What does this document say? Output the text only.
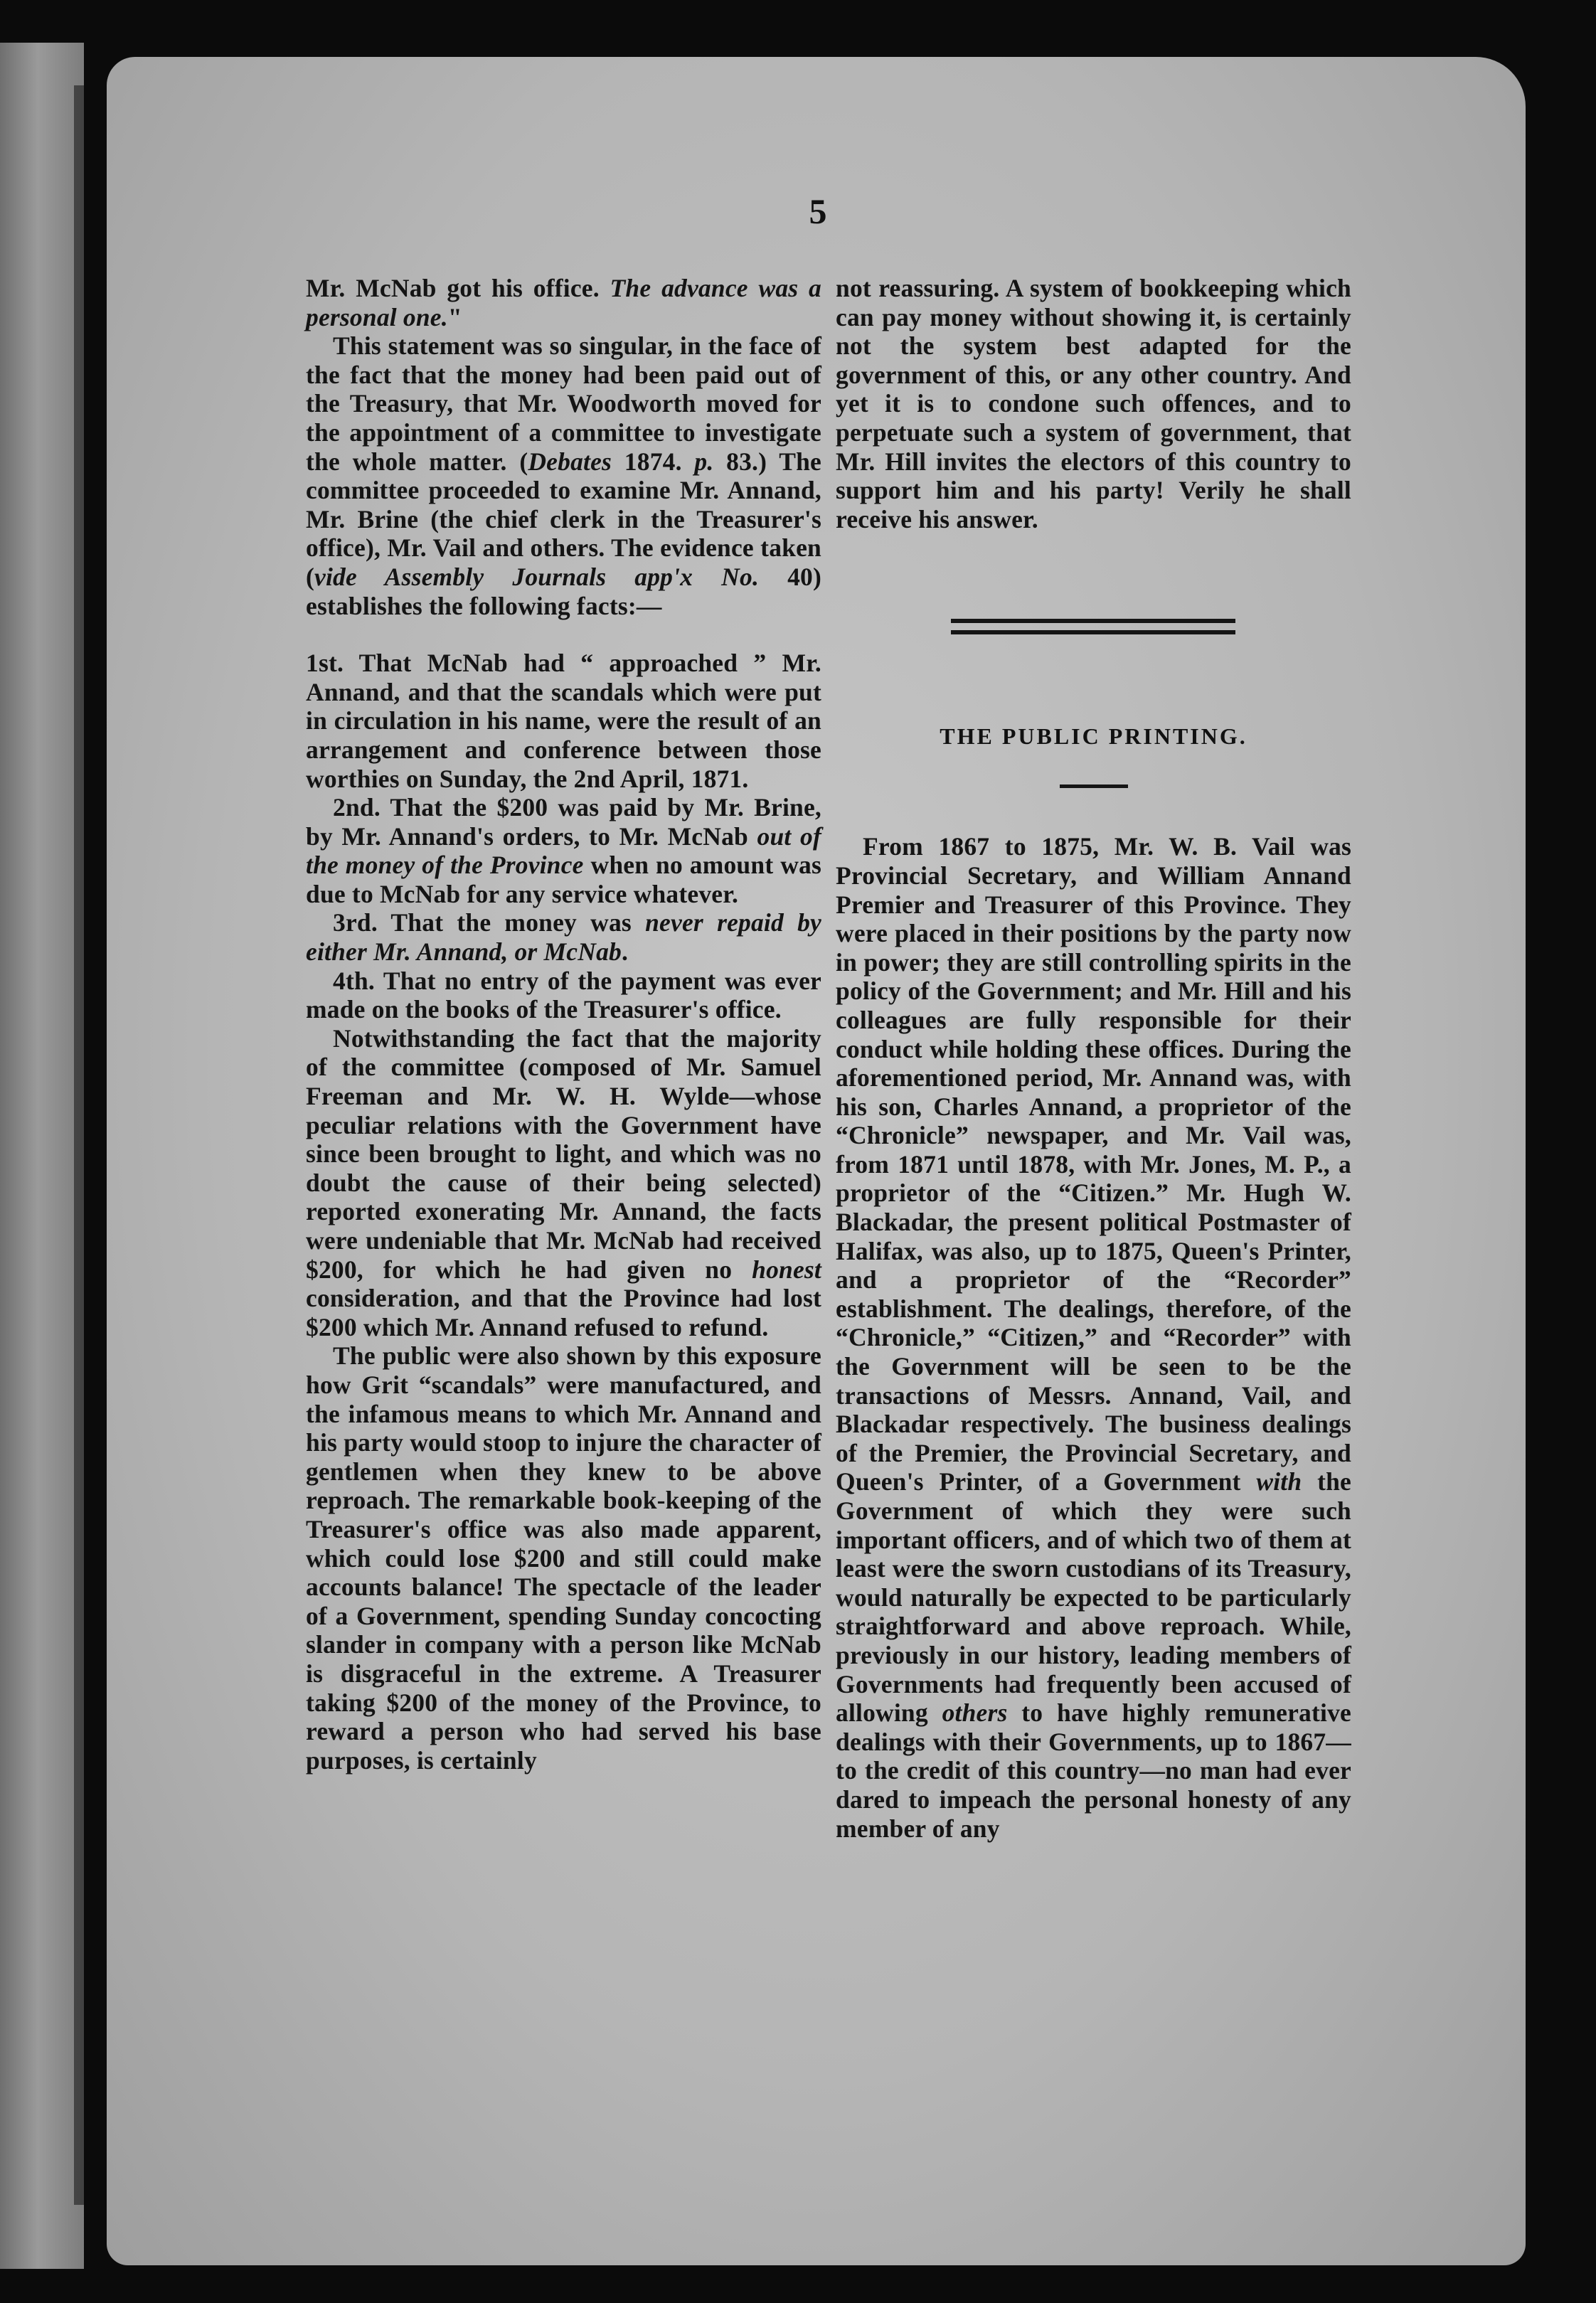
5

Mr. McNab got his office. The advance was a personal one."

This statement was so singular, in the face of the fact that the money had been paid out of the Treasury, that Mr. Woodworth moved for the appointment of a committee to investigate the whole matter. (Debates 1874. p. 83.) The committee proceeded to examine Mr. Annand, Mr. Brine (the chief clerk in the Treasurer's office), Mr. Vail and others. The evidence taken (vide Assembly Journals app'x No. 40) establishes the following facts:—

1st. That McNab had “ approached ” Mr. Annand, and that the scandals which were put in circulation in his name, were the result of an arrangement and conference between those worthies on Sunday, the 2nd April, 1871.

2nd. That the $200 was paid by Mr. Brine, by Mr. Annand's orders, to Mr. McNab out of the money of the Province when no amount was due to McNab for any service whatever.

3rd. That the money was never repaid by either Mr. Annand, or McNab.

4th. That no entry of the payment was ever made on the books of the Treasurer's office.

Notwithstanding the fact that the majority of the committee (composed of Mr. Samuel Freeman and Mr. W. H. Wylde—whose peculiar relations with the Government have since been brought to light, and which was no doubt the cause of their being selected) reported exonerating Mr. Annand, the facts were undeniable that Mr. McNab had received $200, for which he had given no honest consideration, and that the Province had lost $200 which Mr. Annand refused to refund.

The public were also shown by this exposure how Grit “scandals” were manufactured, and the infamous means to which Mr. Annand and his party would stoop to injure the character of gentlemen when they knew to be above reproach. The remarkable book-keeping of the Treasurer's office was also made apparent, which could lose $200 and still could make accounts balance! The spectacle of the leader of a Government, spending Sunday concocting slander in company with a person like McNab is disgraceful in the extreme. A Treasurer taking $200 of the money of the Province, to reward a person who had served his base purposes, is certainly

not reassuring. A system of bookkeeping which can pay money without showing it, is certainly not the system best adapted for the government of this, or any other country. And yet it is to condone such offences, and to perpetuate such a system of government, that Mr. Hill invites the electors of this country to support him and his party! Verily he shall receive his answer.

THE PUBLIC PRINTING.

From 1867 to 1875, Mr. W. B. Vail was Provincial Secretary, and William Annand Premier and Treasurer of this Province. They were placed in their positions by the party now in power; they are still controlling spirits in the policy of the Government; and Mr. Hill and his colleagues are fully responsible for their conduct while holding these offices. During the aforementioned period, Mr. Annand was, with his son, Charles Annand, a proprietor of the “Chronicle” newspaper, and Mr. Vail was, from 1871 until 1878, with Mr. Jones, M. P., a proprietor of the “Citizen.” Mr. Hugh W. Blackadar, the present political Postmaster of Halifax, was also, up to 1875, Queen's Printer, and a proprietor of the “Recorder” establishment. The dealings, therefore, of the “Chronicle,” “Citizen,” and “Recorder” with the Government will be seen to be the transactions of Messrs. Annand, Vail, and Blackadar respectively. The business dealings of the Premier, the Provincial Secretary, and Queen's Printer, of a Government with the Government of which they were such important officers, and of which two of them at least were the sworn custodians of its Treasury, would naturally be expected to be particularly straightforward and above reproach. While, previously in our history, leading members of Governments had frequently been accused of allowing others to have highly remunerative dealings with their Governments, up to 1867—to the credit of this country—no man had ever dared to impeach the personal honesty of any member of any
